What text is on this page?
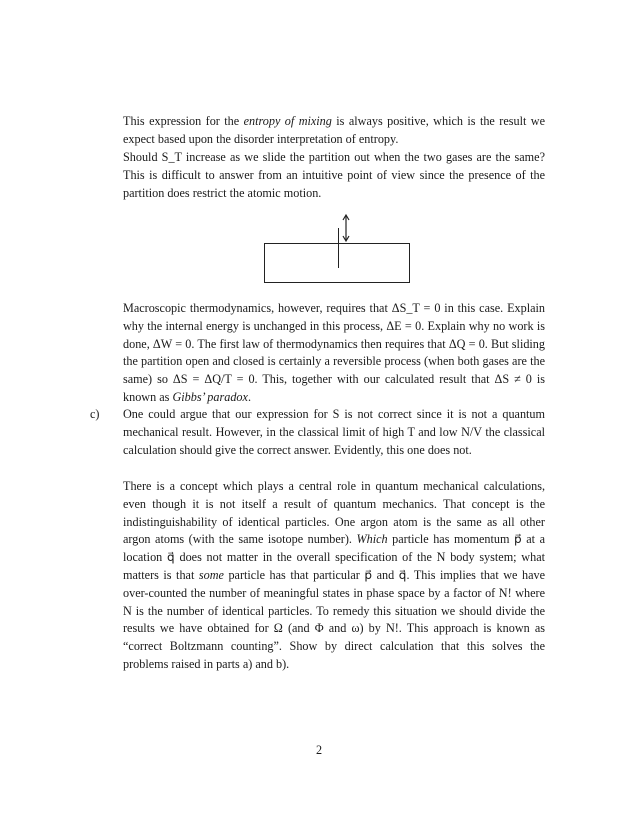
This expression for the entropy of mixing is always positive, which is the result we expect based upon the disorder interpretation of entropy.

Should S_T increase as we slide the partition out when the two gases are the same? This is difficult to answer from an intuitive point of view since the presence of the partition does restrict the atomic motion.

Macroscopic thermodynamics, however, requires that ΔS_T = 0 in this case. Explain why the internal energy is unchanged in this process, ΔE = 0. Explain why no work is done, ΔW = 0. The first law of thermodynamics then requires that ΔQ = 0. But sliding the partition open and closed is certainly a reversible process (when both gases are the same) so ΔS = ΔQ/T = 0. This, together with our calculated result that ΔS ≠ 0 is known as Gibbs’ paradox.

c) One could argue that our expression for S is not correct since it is not a quantum mechanical result. However, in the classical limit of high T and low N/V the classical calculation should give the correct answer. Evidently, this one does not.

There is a concept which plays a central role in quantum mechanical calculations, even though it is not itself a result of quantum mechanics. That concept is the indistinguishability of identical particles. One argon atom is the same as all other argon atoms (with the same isotope number). Which particle has momentum p⃗ at a location q⃗ does not matter in the overall specification of the N body system; what matters is that some particle has that particular p⃗ and q⃗. This implies that we have over-counted the number of meaningful states in phase space by a factor of N! where N is the number of identical particles. To remedy this situation we should divide the results we have obtained for Ω (and Φ and ω) by N!. This approach is known as “correct Boltzmann counting”. Show by direct calculation that this solves the problems raised in parts a) and b).

2
